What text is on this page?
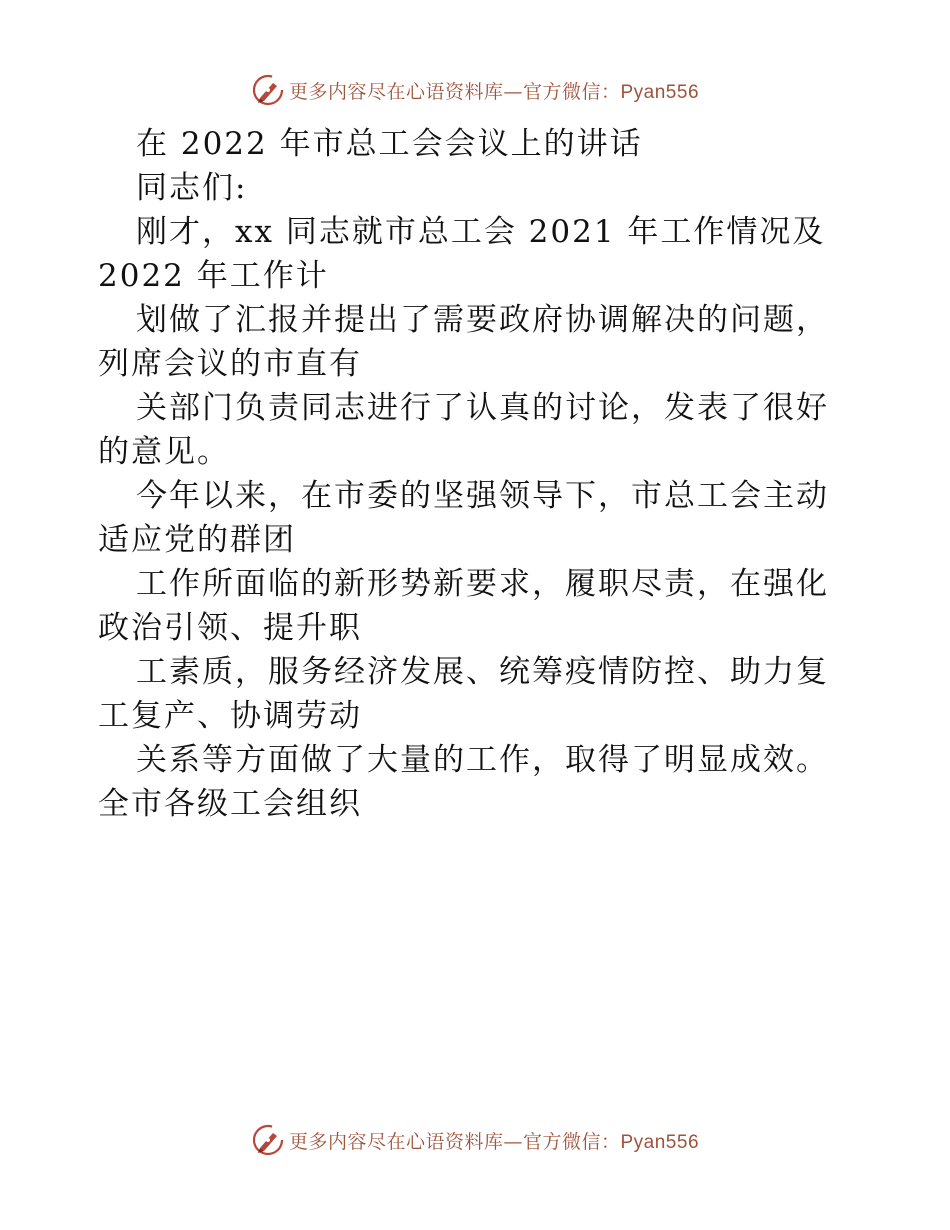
更多内容尽在心语资料库—官方微信：Pyan556
在 2022 年市总工会会议上的讲话
同志们:
刚才，xx 同志就市总工会 2021 年工作情况及
2022 年工作计
划做了汇报并提出了需要政府协调解决的问题，
列席会议的市直有
关部门负责同志进行了认真的讨论，发表了很好
的意见。
今年以来，在市委的坚强领导下，市总工会主动
适应党的群团
工作所面临的新形势新要求，履职尽责，在强化
政治引领、提升职
工素质，服务经济发展、统筹疫情防控、助力复
工复产、协调劳动
关系等方面做了大量的工作，取得了明显成效。
全市各级工会组织
更多内容尽在心语资料库—官方微信：Pyan556
